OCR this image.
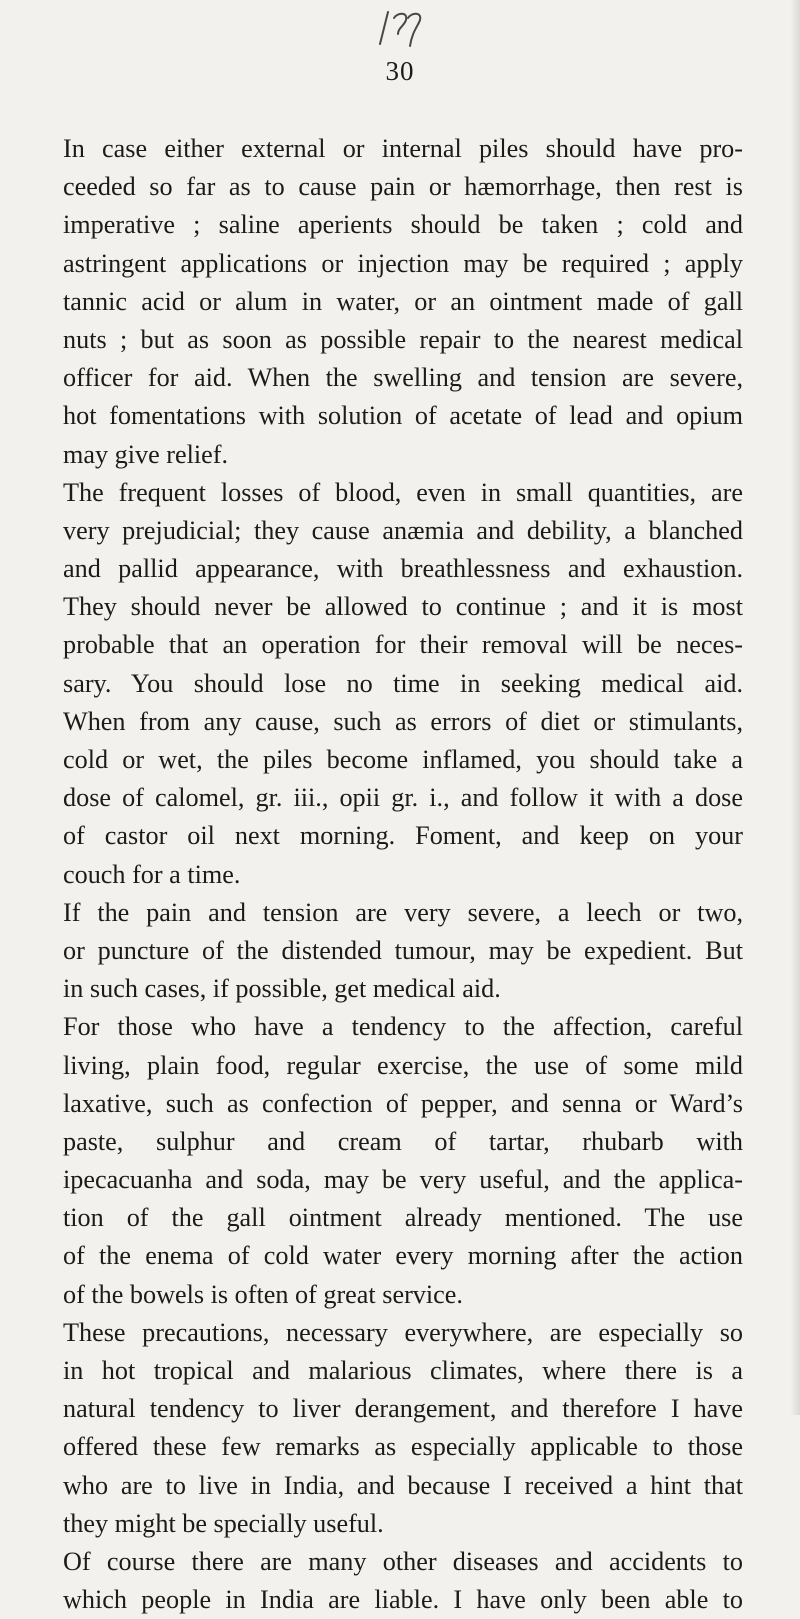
30
In case either external or internal piles should have pro-
ceeded so far as to cause pain or hæmorrhage, then rest is
imperative ; saline aperients should be taken ; cold and
astringent applications or injection may be required ; apply
tannic acid or alum in water, or an ointment made of gall
nuts ; but as soon as possible repair to the nearest medical
officer for aid. When the swelling and tension are severe,
hot fomentations with solution of acetate of lead and opium
may give relief.
The frequent losses of blood, even in small quantities, are
very prejudicial; they cause anæmia and debility, a blanched
and pallid appearance, with breathlessness and exhaustion.
They should never be allowed to continue ; and it is most
probable that an operation for their removal will be neces-
sary. You should lose no time in seeking medical aid.
When from any cause, such as errors of diet or stimulants,
cold or wet, the piles become inflamed, you should take a
dose of calomel, gr. iii., opii gr. i., and follow it with a dose
of castor oil next morning. Foment, and keep on your
couch for a time.
If the pain and tension are very severe, a leech or two,
or puncture of the distended tumour, may be expedient. But
in such cases, if possible, get medical aid.
For those who have a tendency to the affection, careful
living, plain food, regular exercise, the use of some mild
laxative, such as confection of pepper, and senna or Ward’s
paste, sulphur and cream of tartar, rhubarb with
ipecacuanha and soda, may be very useful, and the applica-
tion of the gall ointment already mentioned. The use
of the enema of cold water every morning after the action
of the bowels is often of great service.
These precautions, necessary everywhere, are especially so
in hot tropical and malarious climates, where there is a
natural tendency to liver derangement, and therefore I have
offered these few remarks as especially applicable to those
who are to live in India, and because I received a hint that
they might be specially useful.
Of course there are many other diseases and accidents to
which people in India are liable. I have only been able to
